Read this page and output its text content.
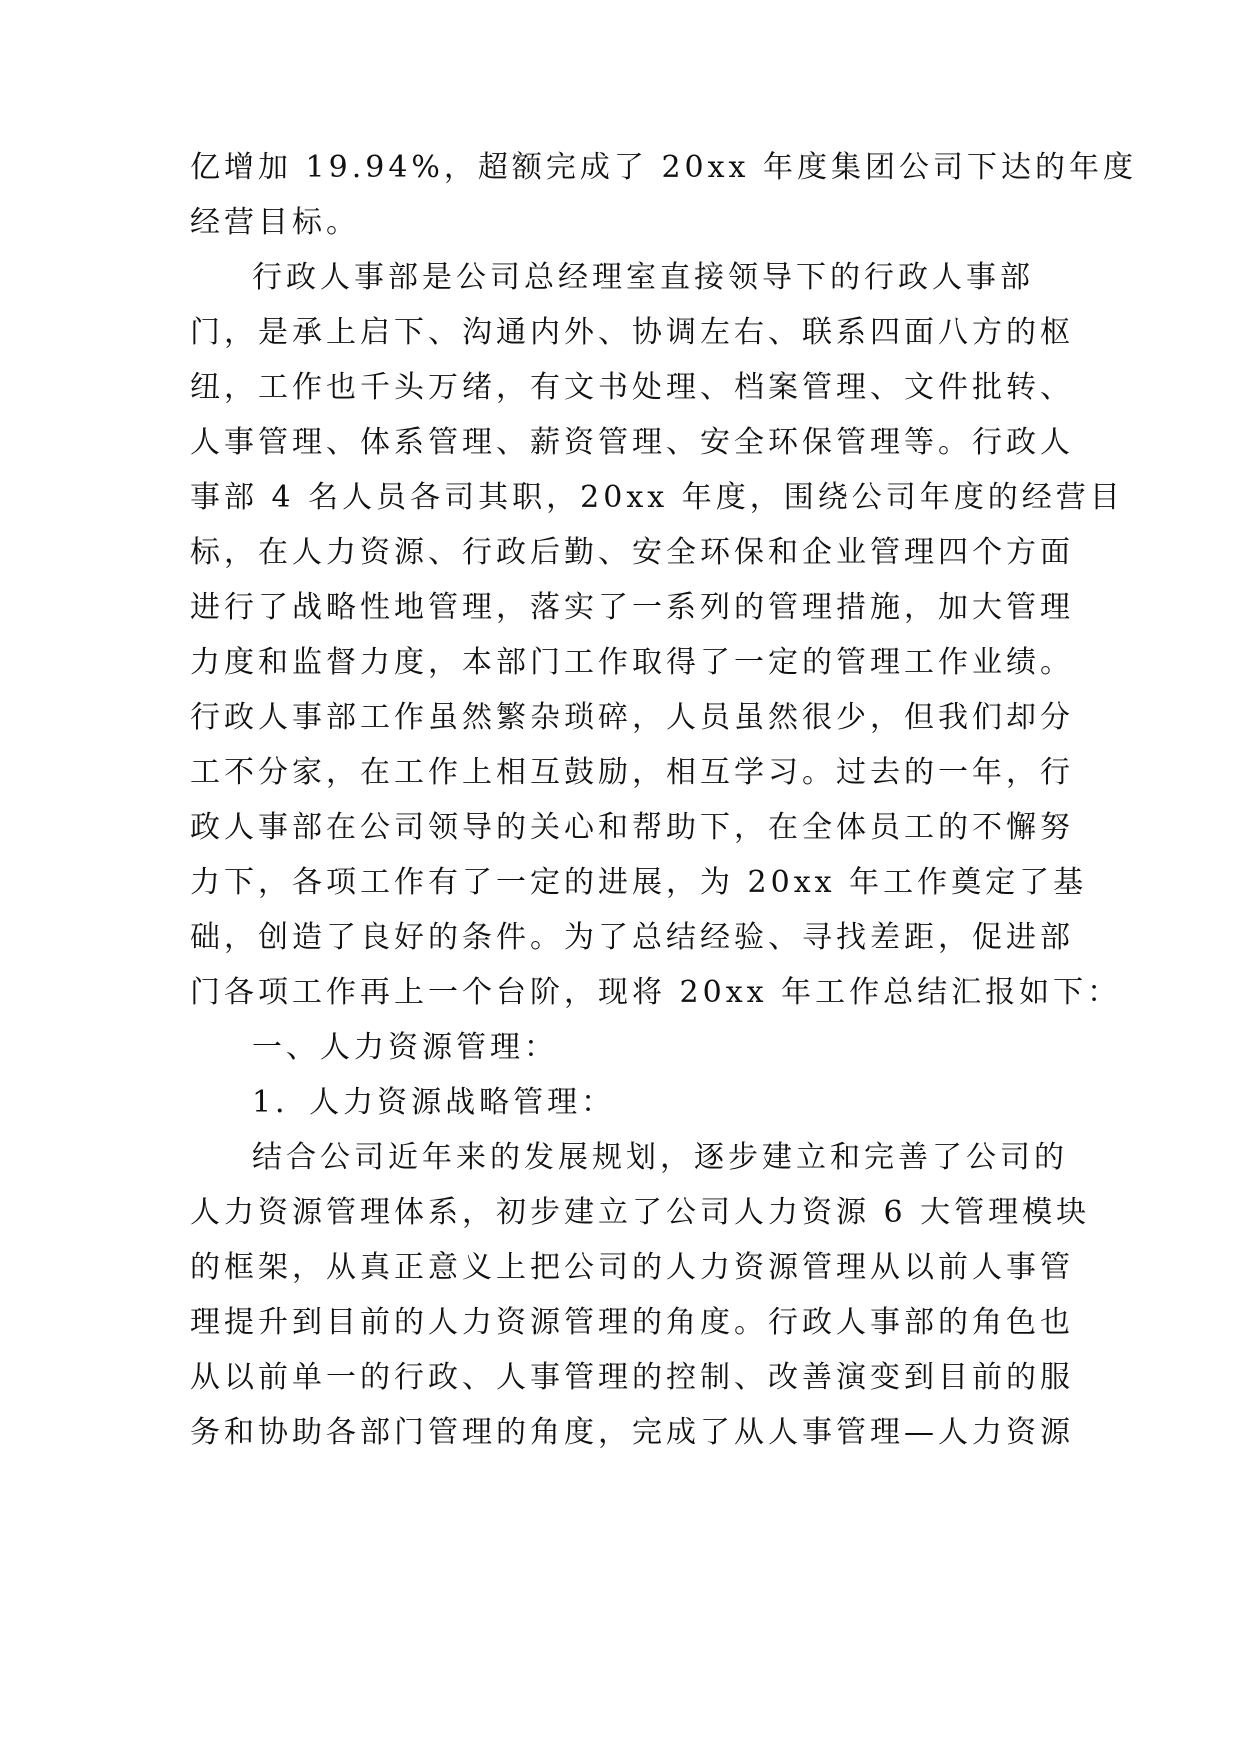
亿增加 19.94%，超额完成了 20xx 年度集团公司下达的年度
经营目标。
行政人事部是公司总经理室直接领导下的行政人事部
门，是承上启下、沟通内外、协调左右、联系四面八方的枢
纽，工作也千头万绪，有文书处理、档案管理、文件批转、
人事管理、体系管理、薪资管理、安全环保管理等。行政人
事部 4 名人员各司其职，20xx 年度，围绕公司年度的经营目
标，在人力资源、行政后勤、安全环保和企业管理四个方面
进行了战略性地管理，落实了一系列的管理措施，加大管理
力度和监督力度，本部门工作取得了一定的管理工作业绩。
行政人事部工作虽然繁杂琐碎，人员虽然很少，但我们却分
工不分家，在工作上相互鼓励，相互学习。过去的一年，行
政人事部在公司领导的关心和帮助下，在全体员工的不懈努
力下，各项工作有了一定的进展，为 20xx 年工作奠定了基
础，创造了良好的条件。为了总结经验、寻找差距，促进部
门各项工作再上一个台阶，现将 20xx 年工作总结汇报如下：
一、人力资源管理：
1．人力资源战略管理：
结合公司近年来的发展规划，逐步建立和完善了公司的
人力资源管理体系，初步建立了公司人力资源 6 大管理模块
的框架，从真正意义上把公司的人力资源管理从以前人事管
理提升到目前的人力资源管理的角度。行政人事部的角色也
从以前单一的行政、人事管理的控制、改善演变到目前的服
务和协助各部门管理的角度，完成了从人事管理—人力资源
